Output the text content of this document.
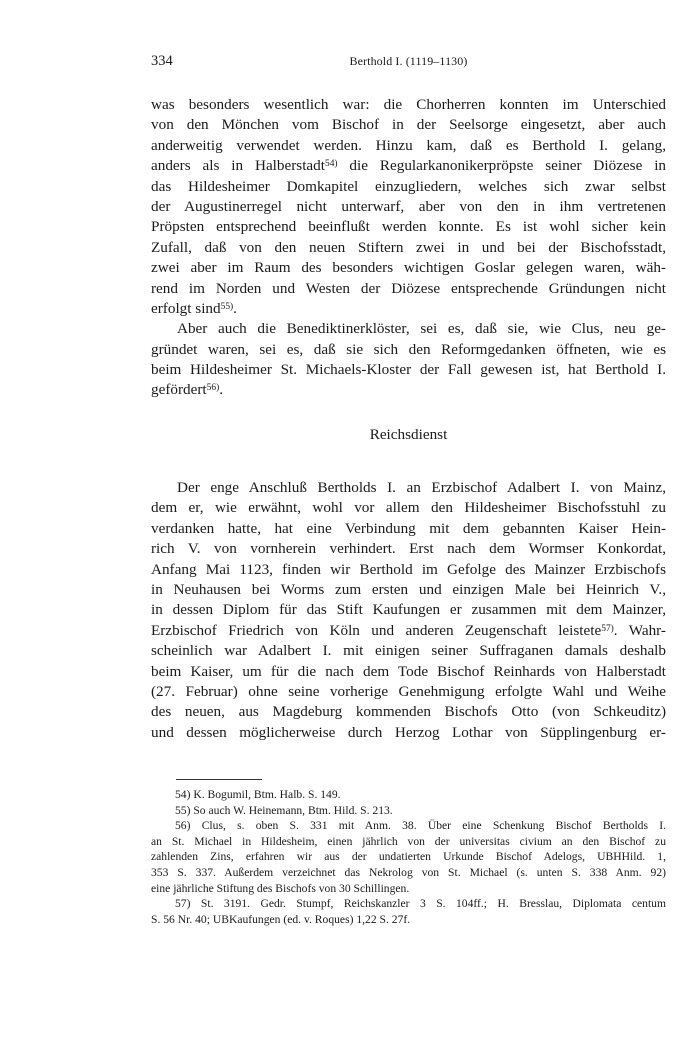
334	Berthold I. (1119–1130)
was besonders wesentlich war: die Chorherren konnten im Unterschied
von den Mönchen vom Bischof in der Seelsorge eingesetzt, aber auch
anderweitig verwendet werden. Hinzu kam, daß es Berthold I. gelang,
anders als in Halberstadt$^{54)}$ die Regularkanonikerpröpste seiner Diözese in
das Hildesheimer Domkapitel einzugliedern, welches sich zwar selbst
der Augustinerregel nicht unterwarf, aber von den in ihm vertretenen
Pröpsten entsprechend beeinflußt werden konnte. Es ist wohl sicher kein
Zufall, daß von den neuen Stiftern zwei in und bei der Bischofsstadt,
zwei aber im Raum des besonders wichtigen Goslar gelegen waren, wäh-
rend im Norden und Westen der Diözese entsprechende Gründungen nicht
erfolgt sind$^{55)}$.
Aber auch die Benediktinerklöster, sei es, daß sie, wie Clus, neu ge-
gründet waren, sei es, daß sie sich den Reformgedanken öffneten, wie es
beim Hildesheimer St. Michaels-Kloster der Fall gewesen ist, hat Berthold I.
gefördert$^{56)}$.
Reichsdienst
Der enge Anschluß Bertholds I. an Erzbischof Adalbert I. von Mainz,
dem er, wie erwähnt, wohl vor allem den Hildesheimer Bischofsstuhl zu
verdanken hatte, hat eine Verbindung mit dem gebannten Kaiser Hein-
rich V. von vornherein verhindert. Erst nach dem Wormser Konkordat,
Anfang Mai 1123, finden wir Berthold im Gefolge des Mainzer Erzbischofs
in Neuhausen bei Worms zum ersten und einzigen Male bei Heinrich V.,
in dessen Diplom für das Stift Kaufungen er zusammen mit dem Mainzer,
Erzbischof Friedrich von Köln und anderen Zeugenschaft leistete$^{57)}$. Wahr-
scheinlich war Adalbert I. mit einigen seiner Suffraganen damals deshalb
beim Kaiser, um für die nach dem Tode Bischof Reinhards von Halberstadt
(27. Februar) ohne seine vorherige Genehmigung erfolgte Wahl und Weihe
des neuen, aus Magdeburg kommenden Bischofs Otto (von Schkeuditz)
und dessen möglicherweise durch Herzog Lothar von Süpplingenburg er-
54) K. Bogumil, Btm. Halb. S. 149.
55) So auch W. Heinemann, Btm. Hild. S. 213.
56) Clus, s. oben S. 331 mit Anm. 38. Über eine Schenkung Bischof Bertholds I.
an St. Michael in Hildesheim, einen jährlich von der universitas civium an den Bischof zu
zahlenden Zins, erfahren wir aus der undatierten Urkunde Bischof Adelogs, UBHHild. 1,
353 S. 337. Außerdem verzeichnet das Nekrolog von St. Michael (s. unten S. 338 Anm. 92)
eine jährliche Stiftung des Bischofs von 30 Schillingen.
57) St. 3191. Gedr. Stumpf, Reichskanzler 3 S. 104ff.; H. Bresslau, Diplomata centum
S. 56 Nr. 40; UBKaufungen (ed. v. Roques) 1,22 S. 27f.
